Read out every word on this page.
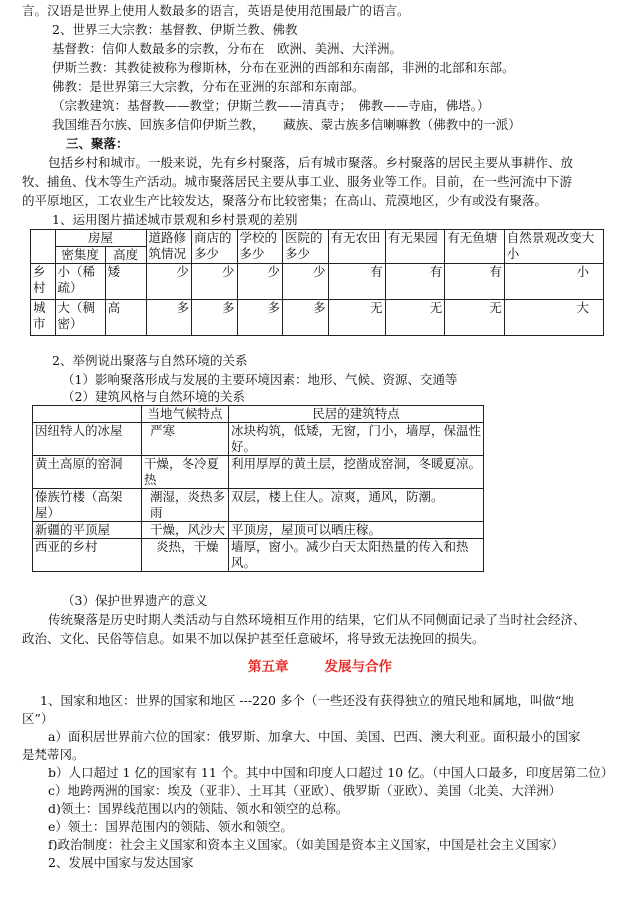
言。汉语是世界上使用人数最多的语言，英语是使用范围最广的语言。
2、世界三大宗教：基督教、伊斯兰教、佛教
基督教：信仰人数最多的宗教，分布在　欧洲、美洲、大洋洲。
伊斯兰教：其教徒被称为穆斯林，分布在亚洲的西部和东南部，非洲的北部和东部。
佛教：是世界第三大宗教，分布在亚洲的东部和东南部。
（宗教建筑：基督教——教堂；伊斯兰教——清真寺；　佛教——寺庙，佛塔。）
我国维吾尔族、回族多信仰伊斯兰教，　　藏族、蒙古族多信喇嘛教（佛教中的一派）
三、聚落：
包括乡村和城市。一般来说，先有乡村聚落，后有城市聚落。乡村聚落的居民主要从事耕作、放
牧、捕鱼、伐木等生产活动。城市聚落居民主要从事工业、服务业等工作。目前，在一些河流中下游
的平原地区，工农业生产比较发达，聚落分布比较密集；在高山、荒漠地区，少有或没有聚落。
1、运用图片描述城市景观和乡村景观的差别
	房屋		道路修筑情况	商店的多少	学校的多少	医院的多少	有无农田	有无果园	有无鱼塘	自然景观改变大小
	密集度	高度								
乡村	小（稀疏）	矮	少	少	少	少	有	有	有	小
城市	大（稠密）	高	多	多	多	多	无	无	无	大
2、举例说出聚落与自然环境的关系
（1）影响聚落形成与发展的主要环境因素：地形、气候、资源、交通等
（2）建筑风格与自然环境的关系
	当地气候特点	民居的建筑特点
因纽特人的冰屋	严寒	冰块构筑，低矮，无窗，门小，墙厚，保温性好。
黄土高原的窑洞	干燥，冬冷夏热	利用厚厚的黄土层，挖凿成窑洞，冬暖夏凉。
傣族竹楼（高架屋）	潮湿，炎热多雨	双层，楼上住人。凉爽，通风，防潮。
新疆的平顶屋	干燥，风沙大	平顶房，屋顶可以晒庄稼。
西亚的乡村	炎热，干燥	墙厚，窗小。减少白天太阳热量的传入和热风。
（3）保护世界遗产的意义
传统聚落是历史时期人类活动与自然环境相互作用的结果，它们从不同侧面记录了当时社会经济、
政治、文化、民俗等信息。如果不加以保护甚至任意破坏，将导致无法挽回的损失。
第五章	发展与合作
1、国家和地区：世界的国家和地区 ---220 多个（一些还没有获得独立的殖民地和属地，叫做“地
区”）
a）面积居世界前六位的国家：俄罗斯、加拿大、中国、美国、巴西、澳大利亚。面积最小的国家
是梵蒂冈。
b）人口超过 1 亿的国家有 11 个。其中中国和印度人口超过 10 亿。（中国人口最多，印度居第二位）
c）地跨两洲的国家：埃及（亚非）、土耳其（亚欧）、俄罗斯（亚欧）、美国（北美、大洋洲）
d)领土：国界线范围以内的领陆、领水和领空的总称。
e）领土：国界范围内的领陆、领水和领空。
f)政治制度：社会主义国家和资本主义国家。（如美国是资本主义国家，中国是社会主义国家）
2、发展中国家与发达国家
